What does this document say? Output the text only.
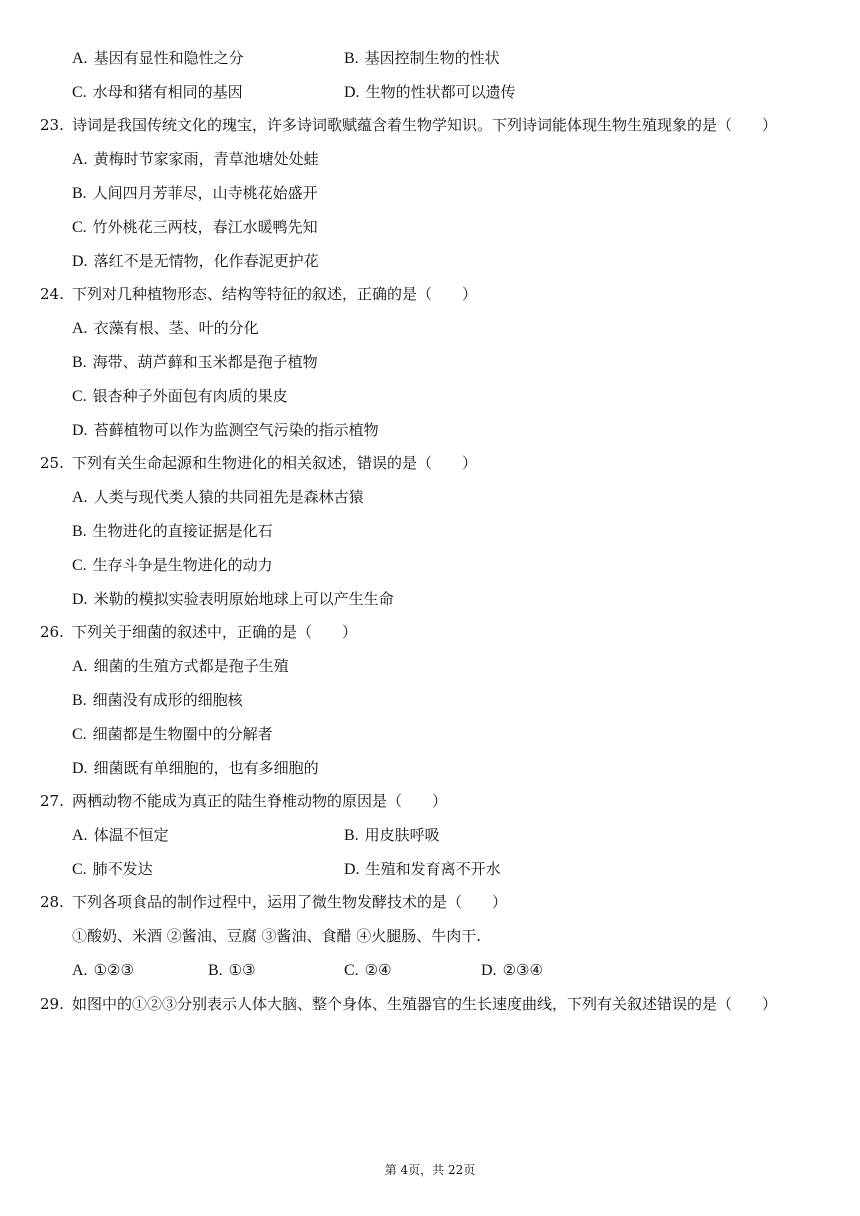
A. 基因有显性和隐性之分	B. 基因控制生物的性状
C. 水母和猪有相同的基因	D. 生物的性状都可以遗传
23. 诗词是我国传统文化的瑰宝，许多诗词歌赋蕴含着生物学知识。下列诗词能体现生物生殖现象的是（　　）
A. 黄梅时节家家雨，青草池塘处处蛙
B. 人间四月芳菲尽，山寺桃花始盛开
C. 竹外桃花三两枝，春江水暖鸭先知
D. 落红不是无情物，化作春泥更护花
24. 下列对几种植物形态、结构等特征的叙述，正确的是（　　）
A. 衣藻有根、茎、叶的分化
B. 海带、葫芦藓和玉米都是孢子植物
C. 银杏种子外面包有肉质的果皮
D. 苔藓植物可以作为监测空气污染的指示植物
25. 下列有关生命起源和生物进化的相关叙述，错误的是（　　）
A. 人类与现代类人猿的共同祖先是森林古猿
B. 生物进化的直接证据是化石
C. 生存斗争是生物进化的动力
D. 米勒的模拟实验表明原始地球上可以产生生命
26. 下列关于细菌的叙述中，正确的是（　　）
A. 细菌的生殖方式都是孢子生殖
B. 细菌没有成形的细胞核
C. 细菌都是生物圈中的分解者
D. 细菌既有单细胞的，也有多细胞的
27. 两栖动物不能成为真正的陆生脊椎动物的原因是（　　）
A. 体温不恒定	B. 用皮肤呼吸
C. 肺不发达	D. 生殖和发育离不开水
28. 下列各项食品的制作过程中，运用了微生物发酵技术的是（　　）
①酸奶、米酒 ②酱油、豆腐 ③酱油、食醋 ④火腿肠、牛肉干.
A. ①②③	B. ①③	C. ②④	D. ②③④
29. 如图中的①②③分别表示人体大脑、整个身体、生殖器官的生长速度曲线，下列有关叙述错误的是（　　）
第 4页，共 22页
